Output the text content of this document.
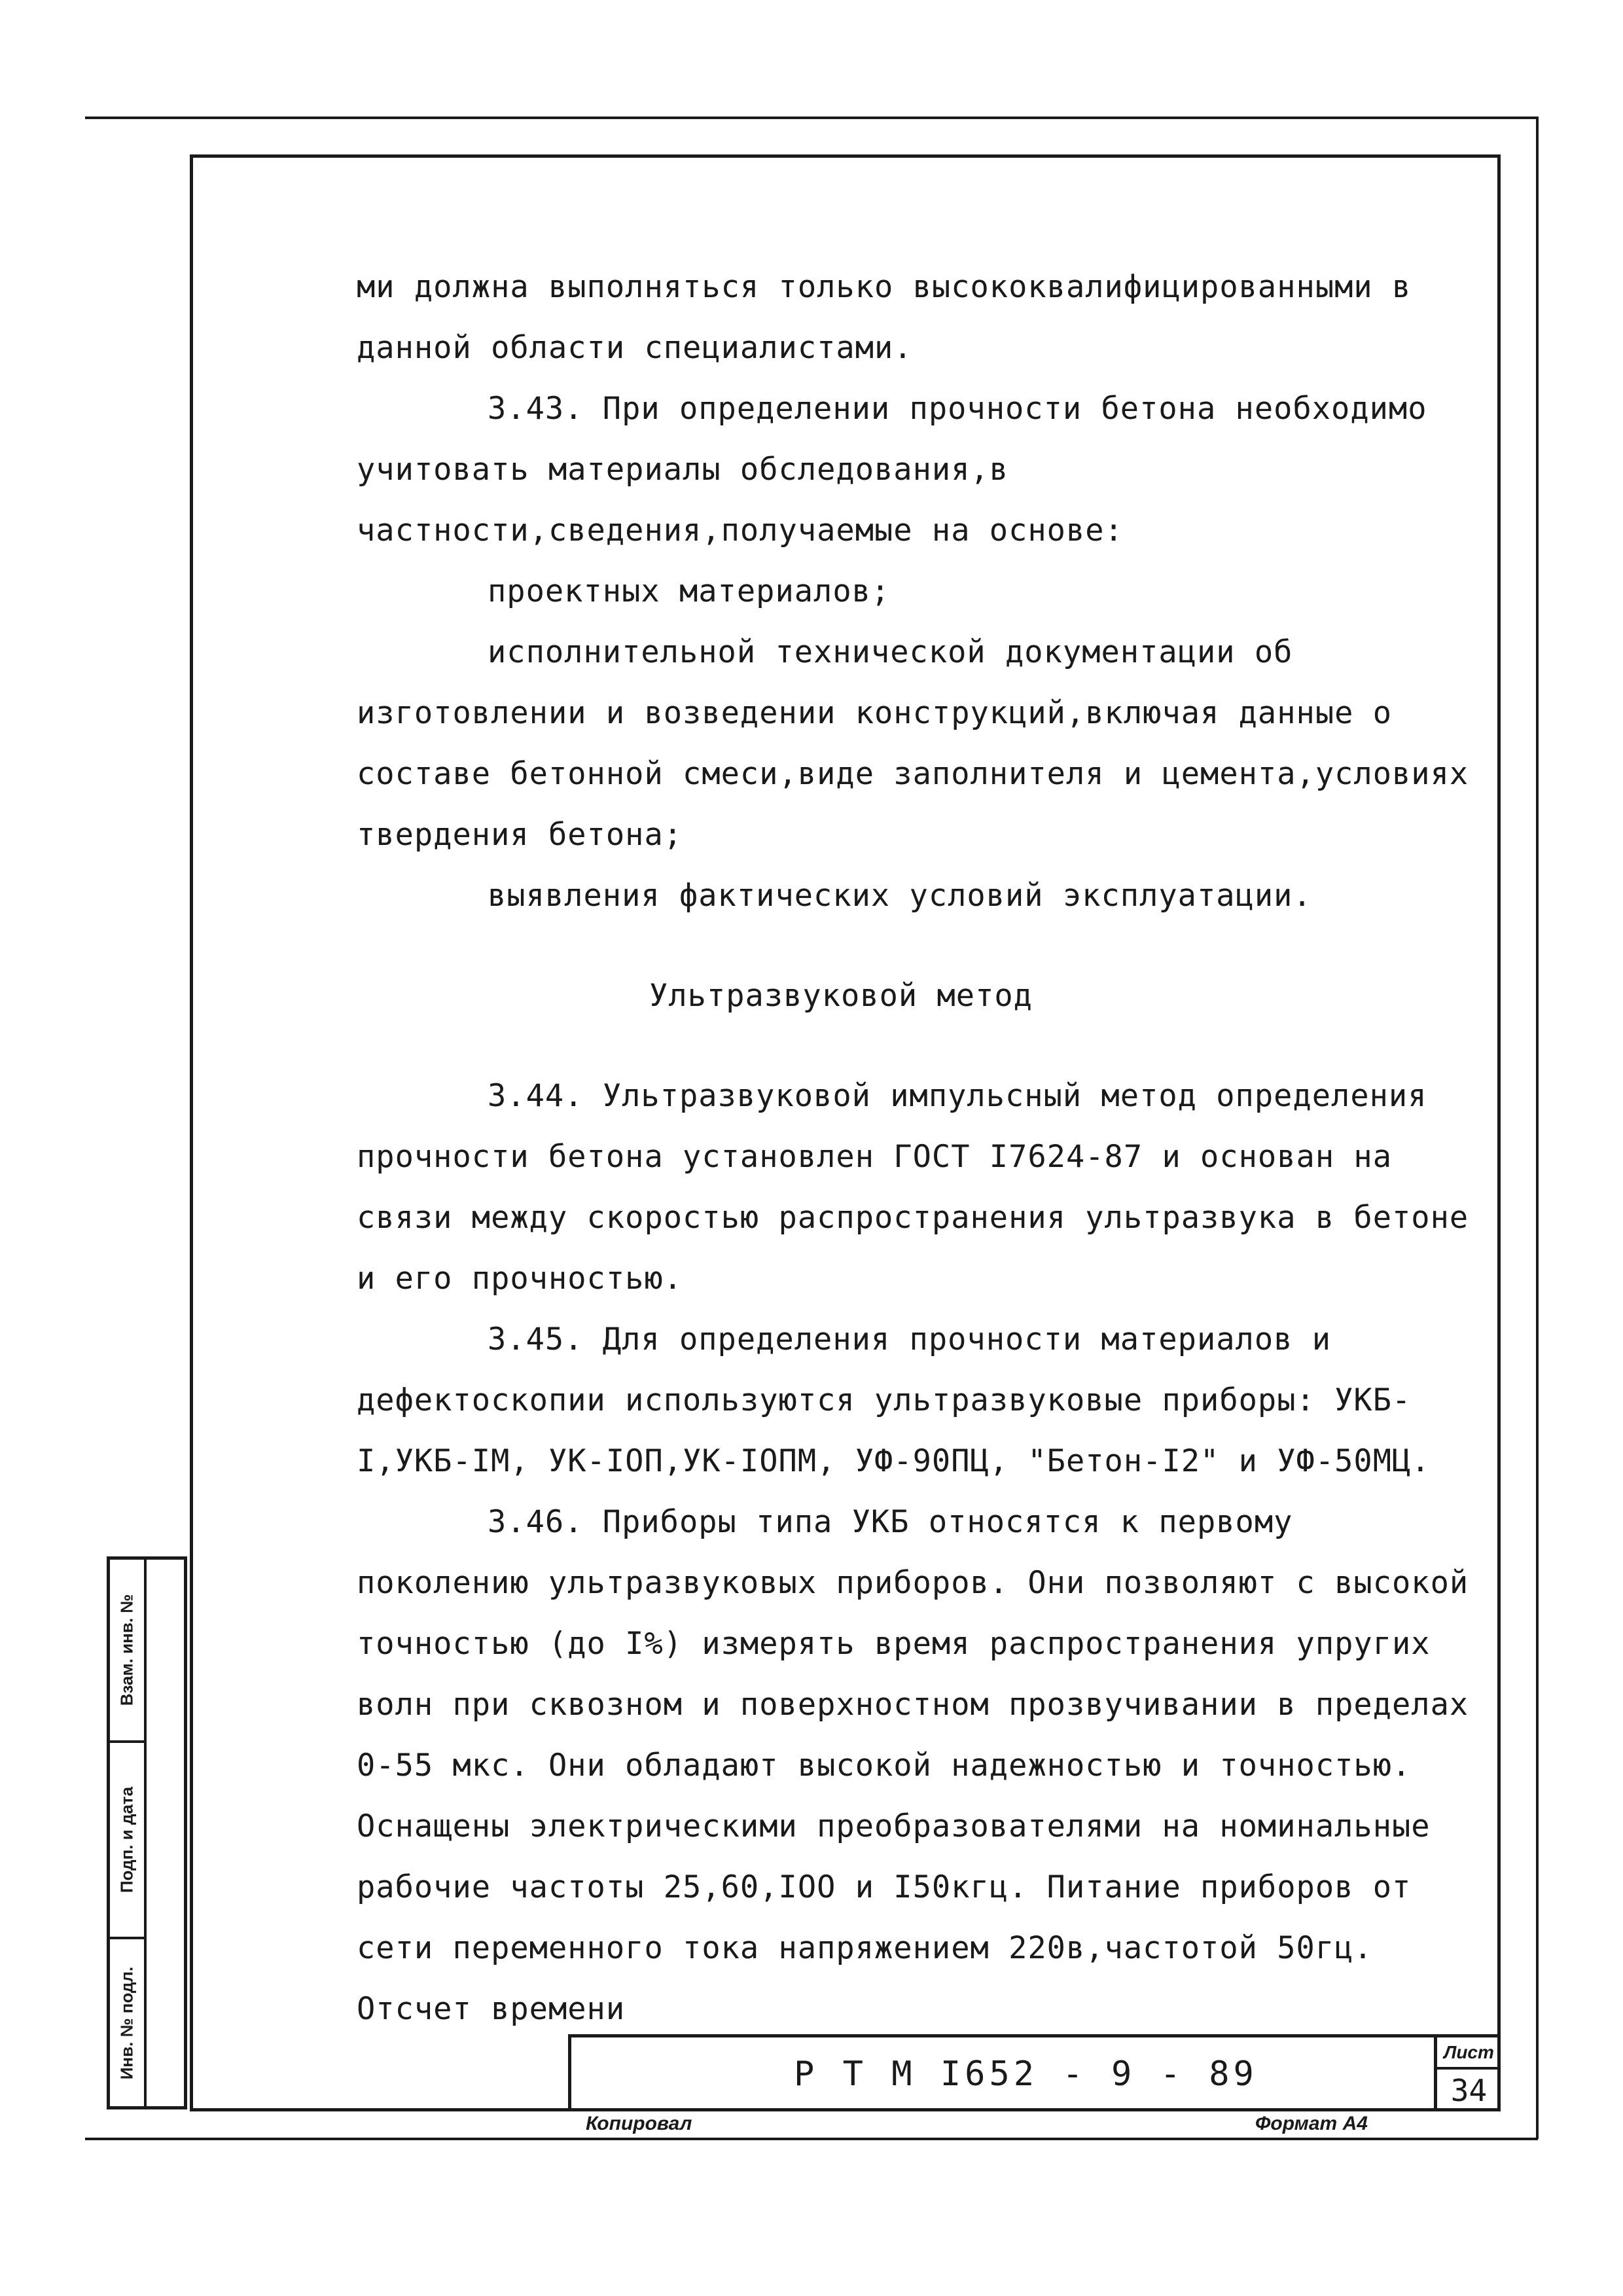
ми должна выполняться только высококвалифицированными в данной области специалистами.

3.43. При определении прочности бетона необходимо учитовать материалы обследования,в частности,сведения,получаемые на основе:

проектных материалов;

исполнительной технической документации об изготовлении и возведении конструкций,включая данные о составе бетонной смеси,виде заполнителя и цемента,условиях твердения бетона;

выявления фактических условий эксплуатации.

Ультразвуковой метод

3.44. Ультразвуковой импульсный метод определения прочности бетона установлен ГОСТ I7624-87 и основан на связи между скоростью распространения ультразвука в бетоне и его прочностью.

3.45. Для определения прочности материалов и дефектоскопии используются ультразвуковые приборы: УКБ-I,УКБ-IМ, УК-IОП,УК-IОПМ, УФ-90ПЦ, "Бетон-I2" и УФ-50МЦ.

3.46. Приборы типа УКБ относятся к первому поколению ультразвуковых приборов. Они позволяют с высокой точностью (до I%) измерять время распространения упругих волн при сквозном и поверхностном прозвучивании в пределах 0-55 мкс. Они обладают высокой надежностью и точностью. Оснащены электрическими преобразователями на номинальные рабочие частоты 25,60,IОО и I50кгц. Питание приборов от сети переменного тока напряжением 220в,частотой 50гц. Отсчет времени

Взам. инв. №
Подп. и дата
Инв. № подл.	Р Т М I652 - 9 - 89
Лист
34
Копировал	Формат А4
